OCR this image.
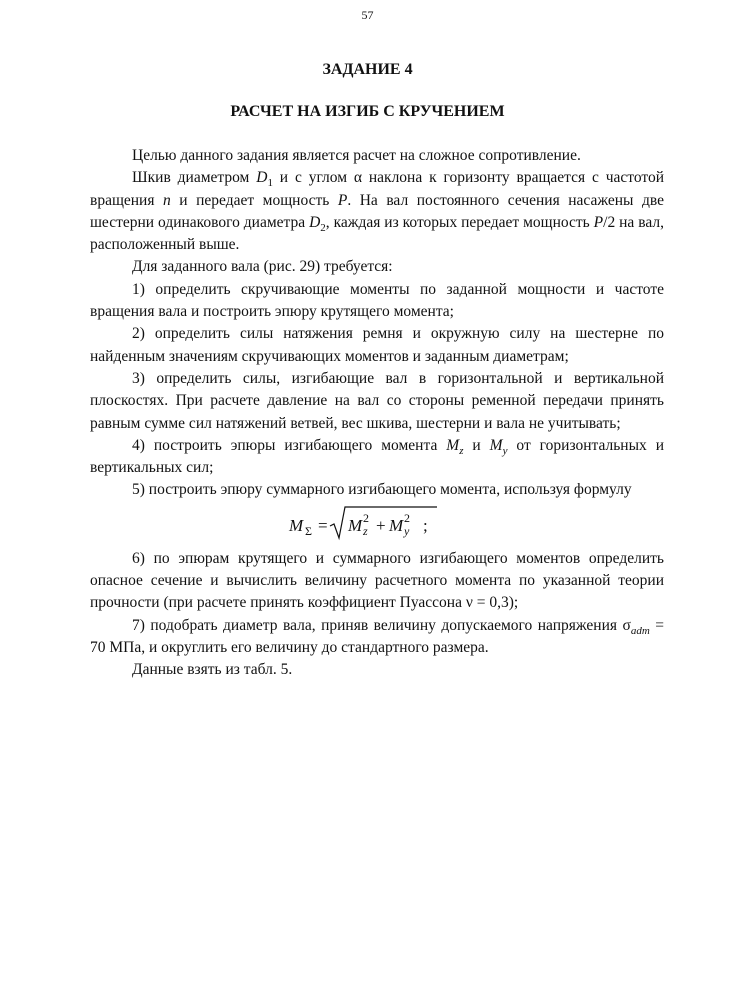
57
ЗАДАНИЕ 4
РАСЧЕТ НА ИЗГИБ С КРУЧЕНИЕМ

Целью данного задания является расчет на сложное сопротивление.

Шкив диаметром $D_1$ и с углом α наклона к горизонту вращается с частотой вращения n и передает мощность P. На вал постоянного сечения насажены две шестерни одинакового диаметра $D_2$, каждая из которых передает мощность P/2 на вал, расположенный выше.

Для заданного вала (рис. 29) требуется:

1) определить скручивающие моменты по заданной мощности и частоте вращения вала и построить эпюру крутящего момента;

2) определить силы натяжения ремня и окружную силу на шестерне по найденным значениям скручивающих моментов и заданным диаметрам;

3) определить силы, изгибающие вал в горизонтальной и вертикальной плоскостях. При расчете давление на вал со стороны ременной передачи принять равным сумме сил натяжений ветвей, вес шкива, шестерни и вала не учитывать;

4) построить эпюры изгибающего момента $M_z$ и $M_y$ от горизонтальных и вертикальных сил;

5) построить эпюру суммарного изгибающего момента, используя формулу

M Σ = M 2
z + M 2
y ;

6) по эпюрам крутящего и суммарного изгибающего моментов определить опасное сечение и вычислить величину расчетного момента по указанной теории прочности (при расчете принять коэффициент Пуассона ν = 0,3);

7) подобрать диаметр вала, приняв величину допускаемого напряжения $\sigma_{adm} = 70$ МПа, и округлить его величину до стандартного размера.

Данные взять из табл. 5.
